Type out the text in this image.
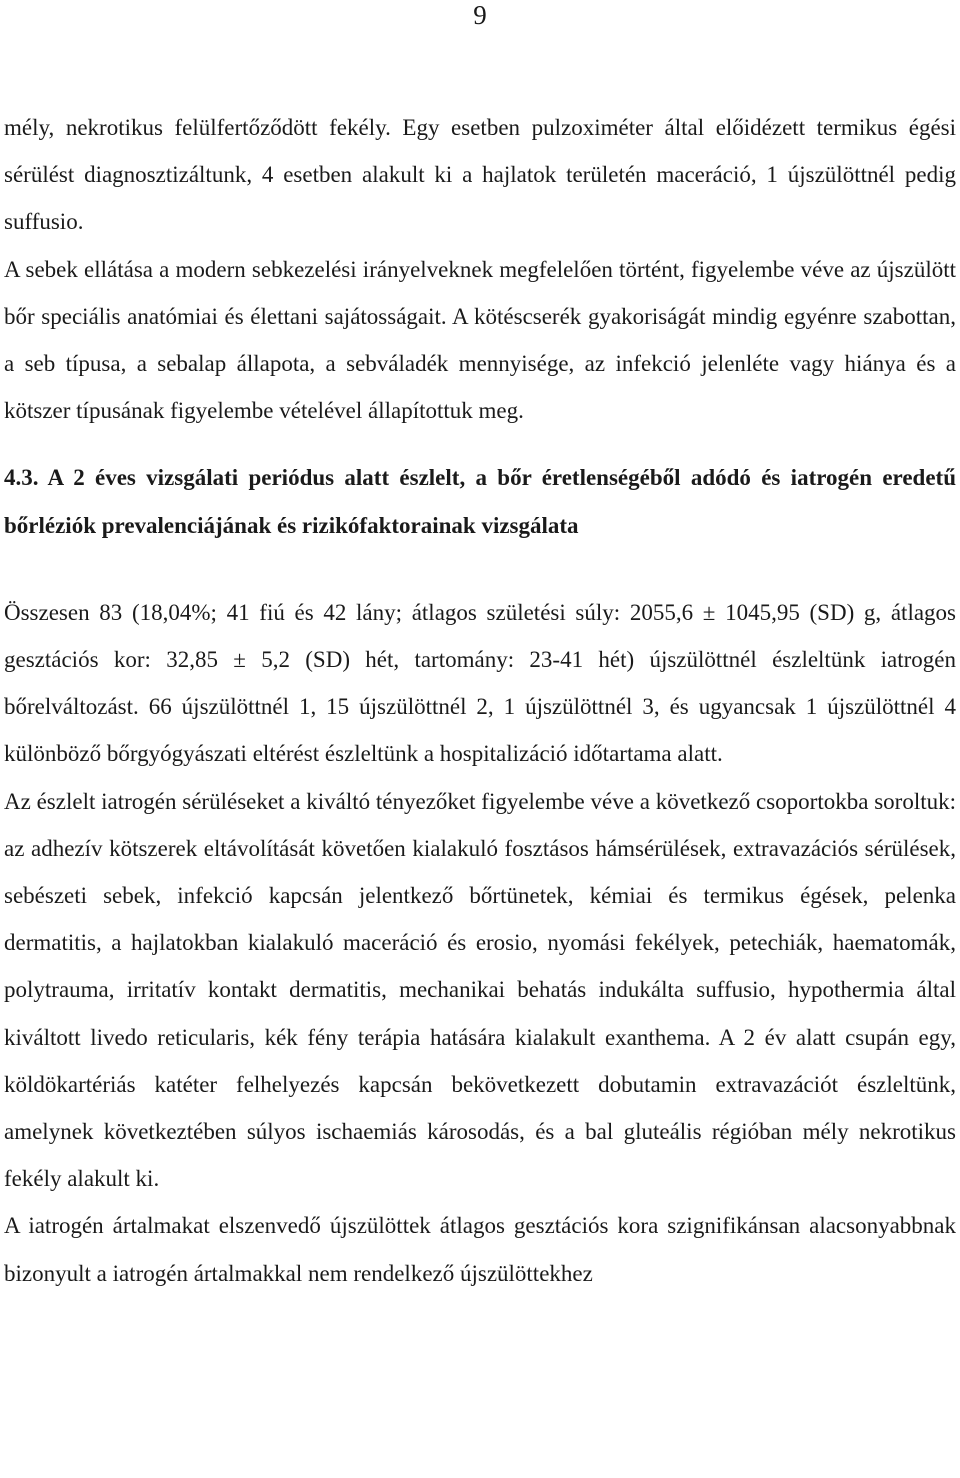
9

mély, nekrotikus felülfertőződött fekély. Egy esetben pulzoximéter által előidézett termikus égési sérülést diagnosztizáltunk, 4 esetben alakult ki a hajlatok területén maceráció, 1 újszülöttnél pedig suffusio.

A sebek ellátása a modern sebkezelési irányelveknek megfelelően történt, figyelembe véve az újszülött bőr speciális anatómiai és élettani sajátosságait. A kötéscserék gyakoriságát mindig egyénre szabottan, a seb típusa, a sebalap állapota, a sebváladék mennyisége, az infekció jelenléte vagy hiánya és a kötszer típusának figyelembe vételével állapítottuk meg.

4.3. A 2 éves vizsgálati periódus alatt észlelt, a bőr éretlenségéből adódó és iatrogén eredetű bőrléziók prevalenciájának és rizikófaktorainak vizsgálata

Összesen 83 (18,04%; 41 fiú és 42 lány; átlagos születési súly: 2055,6 ± 1045,95 (SD) g, átlagos gesztációs kor: 32,85 ± 5,2 (SD) hét, tartomány: 23-41 hét) újszülöttnél észleltünk iatrogén bőrelváltozást. 66 újszülöttnél 1, 15 újszülöttnél 2, 1 újszülöttnél 3, és ugyancsak 1 újszülöttnél 4 különböző bőrgyógyászati eltérést észleltünk a hospitalizáció időtartama alatt.

Az észlelt iatrogén sérüléseket a kiváltó tényezőket figyelembe véve a következő csoportokba soroltuk: az adhezív kötszerek eltávolítását követően kialakuló fosztásos hámsérülések, extravazációs sérülések, sebészeti sebek, infekció kapcsán jelentkező bőrtünetek, kémiai és termikus égések, pelenka dermatitis, a hajlatokban kialakuló maceráció és erosio, nyomási fekélyek, petechiák, haematomák, polytrauma, irritatív kontakt dermatitis, mechanikai behatás indukálta suffusio, hypothermia által kiváltott livedo reticularis, kék fény terápia hatására kialakult exanthema. A 2 év alatt csupán egy, köldökartériás katéter felhelyezés kapcsán bekövetkezett dobutamin extravazációt észleltünk, amelynek következtében súlyos ischaemiás károsodás, és a bal gluteális régióban mély nekrotikus fekély alakult ki.

A iatrogén ártalmakat elszenvedő újszülöttek átlagos gesztációs kora szignifikánsan alacsonyabbnak bizonyult a iatrogén ártalmakkal nem rendelkező újszülöttekhez
